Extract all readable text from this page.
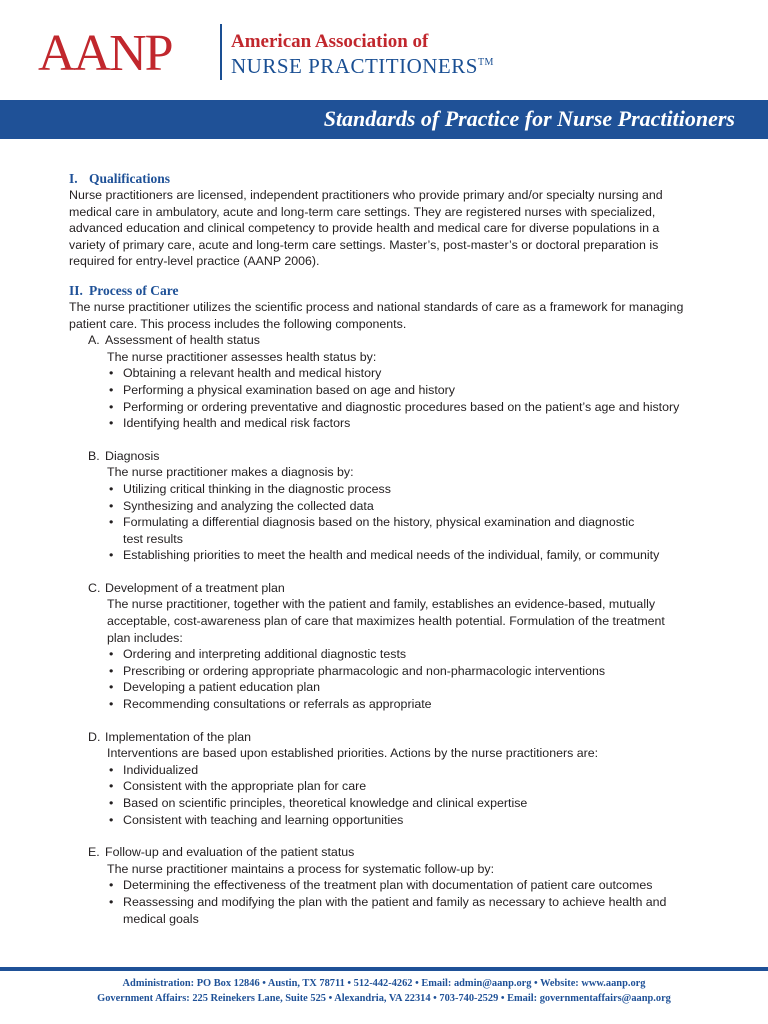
AANP	American Association of
NURSE PRACTITIONERS™
Standards of Practice for Nurse Practitioners
I. Qualifications
Nurse practitioners are licensed, independent practitioners who provide primary and/or specialty nursing and
medical care in ambulatory, acute and long-term care settings. They are registered nurses with specialized,
advanced education and clinical competency to provide health and medical care for diverse populations in a
variety of primary care, acute and long-term care settings. Master’s, post-master’s or doctoral preparation is
required for entry-level practice (AANP 2006).
II. Process of Care
The nurse practitioner utilizes the scientific process and national standards of care as a framework for managing
patient care. This process includes the following components.
A. Assessment of health status
The nurse practitioner assesses health status by:
• Obtaining a relevant health and medical history
• Performing a physical examination based on age and history
• Performing or ordering preventative and diagnostic procedures based on the patient’s age and history
• Identifying health and medical risk factors
B. Diagnosis
The nurse practitioner makes a diagnosis by:
• Utilizing critical thinking in the diagnostic process
• Synthesizing and analyzing the collected data
• Formulating a differential diagnosis based on the history, physical examination and diagnostic
test results
• Establishing priorities to meet the health and medical needs of the individual, family, or community
C. Development of a treatment plan
The nurse practitioner, together with the patient and family, establishes an evidence-based, mutually
acceptable, cost-awareness plan of care that maximizes health potential. Formulation of the treatment
plan includes:
• Ordering and interpreting additional diagnostic tests
• Prescribing or ordering appropriate pharmacologic and non-pharmacologic interventions
• Developing a patient education plan
• Recommending consultations or referrals as appropriate
D. Implementation of the plan
Interventions are based upon established priorities. Actions by the nurse practitioners are:
• Individualized
• Consistent with the appropriate plan for care
• Based on scientific principles, theoretical knowledge and clinical expertise
• Consistent with teaching and learning opportunities
E. Follow-up and evaluation of the patient status
The nurse practitioner maintains a process for systematic follow-up by:
• Determining the effectiveness of the treatment plan with documentation of patient care outcomes
• Reassessing and modifying the plan with the patient and family as necessary to achieve health and
medical goals
Administration: PO Box 12846 • Austin, TX 78711 • 512-442-4262 • Email: admin@aanp.org • Website: www.aanp.org
Government Affairs: 225 Reinekers Lane, Suite 525 • Alexandria, VA 22314 • 703-740-2529 • Email: governmentaffairs@aanp.org
